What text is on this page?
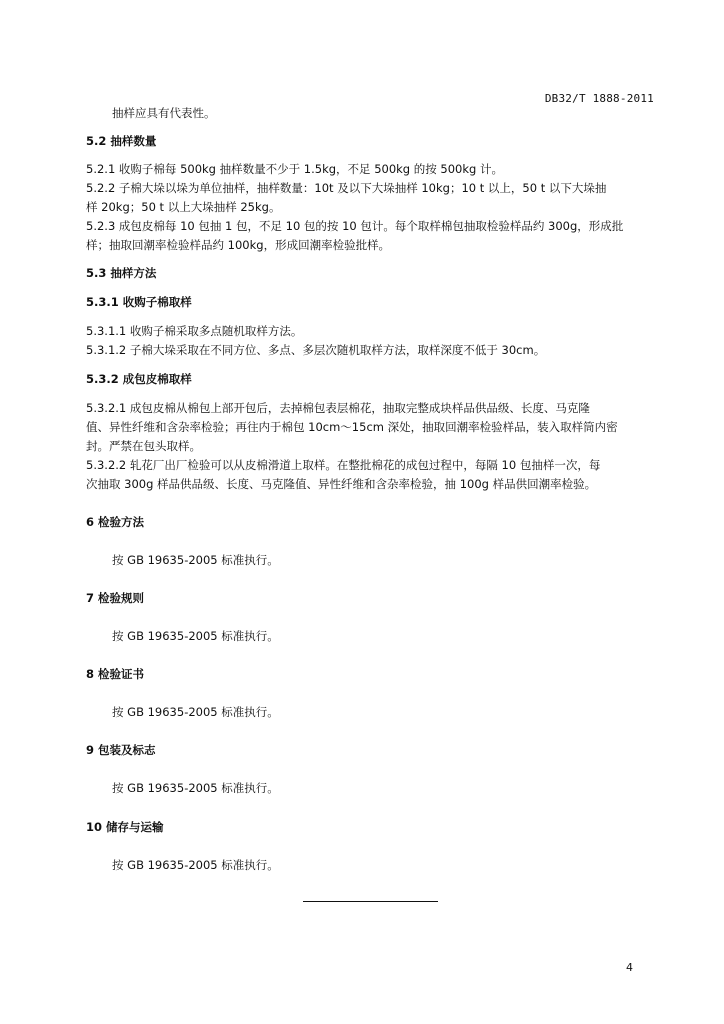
DB32/T 1888-2011
抽样应具有代表性。
5.2 抽样数量
5.2.1 收购子棉每 500kg 抽样数量不少于 1.5kg，不足 500kg 的按 500kg 计。
5.2.2 子棉大垛以垛为单位抽样，抽样数量：10t 及以下大垛抽样 10kg；10 t 以上，50 t 以下大垛抽
样 20kg；50 t 以上大垛抽样 25kg。
5.2.3 成包皮棉每 10 包抽 1 包，不足 10 包的按 10 包计。每个取样棉包抽取检验样品约 300g，形成批
样；抽取回潮率检验样品约 100kg，形成回潮率检验批样。
5.3 抽样方法
5.3.1 收购子棉取样
5.3.1.1 收购子棉采取多点随机取样方法。
5.3.1.2 子棉大垛采取在不同方位、多点、多层次随机取样方法，取样深度不低于 30cm。
5.3.2 成包皮棉取样
5.3.2.1 成包皮棉从棉包上部开包后，去掉棉包表层棉花，抽取完整成块样品供品级、长度、马克隆
值、异性纤维和含杂率检验；再往内于棉包 10cm～15cm 深处，抽取回潮率检验样品，装入取样筒内密
封。严禁在包头取样。
5.3.2.2 轧花厂出厂检验可以从皮棉滑道上取样。在整批棉花的成包过程中，每隔 10 包抽样一次，每
次抽取 300g 样品供品级、长度、马克隆值、异性纤维和含杂率检验，抽 100g 样品供回潮率检验。
6 检验方法
按 GB 19635-2005 标准执行。
7 检验规则
按 GB 19635-2005 标准执行。
8 检验证书
按 GB 19635-2005 标准执行。
9 包装及标志
按 GB 19635-2005 标准执行。
10 储存与运输
按 GB 19635-2005 标准执行。
4
